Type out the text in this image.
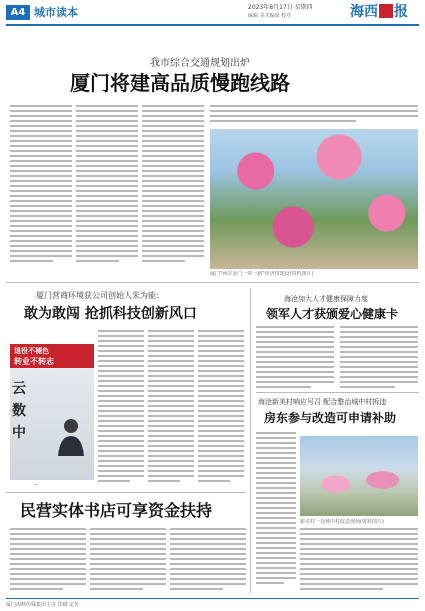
A4 城市读本	2023年8月17日 星期四
编辑 美术编辑 校对	海西 报
我市综合交通规划出炉
厦门将建高品质慢跑线路
厦门"两岸金门一带一路"经济带建设(资料图片)
厦门营商环境获公司创始人朱为能：
敢为敢闯 抢抓科技创新风口
退役不褪色
转业不转志
云
数
中
—
海沧加大人才健康保障力度
领军人才获颁爱心健康卡
海沧新美村响应号召 配合整治城中村拆违
房东参与改造可申请补助
新美村一处城中村改造现场(资料图片)
民营实体书店可享资金扶持
厦门海峡传媒集团主办 印刷 定价
